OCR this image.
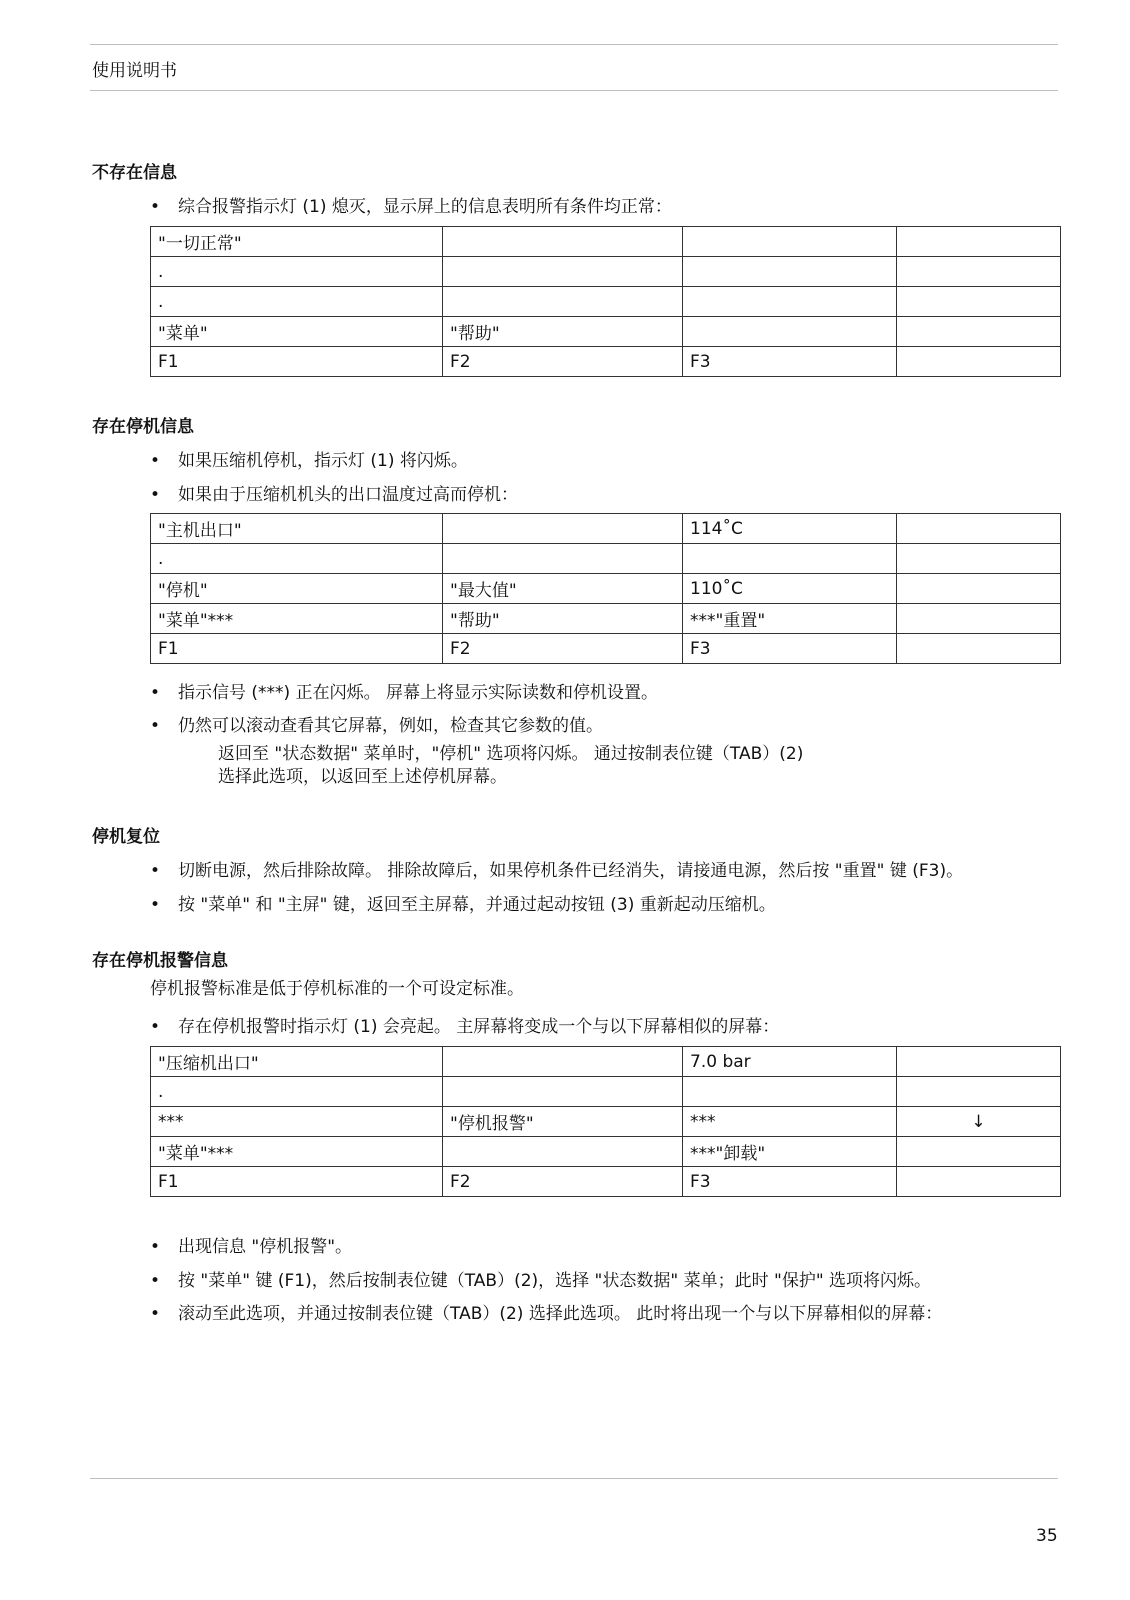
使用说明书
不存在信息
• 综合报警指示灯 (1) 熄灭，显示屏上的信息表明所有条件均正常：
"一切正常"			
.			
.			
"菜单"	"帮助"		
F1	F2	F3	
存在停机信息
• 如果压缩机停机，指示灯 (1) 将闪烁。
• 如果由于压缩机机头的出口温度过高而停机：
"主机出口"		114˚C	
.			
"停机"	"最大值"	110˚C	
"菜单"***	"帮助"	***"重置"	
F1	F2	F3	
• 指示信号 (***) 正在闪烁。 屏幕上将显示实际读数和停机设置。
• 仍然可以滚动查看其它屏幕，例如，检查其它参数的值。
返回至 "状态数据" 菜单时，"停机" 选项将闪烁。 通过按制表位键（TAB）(2)
选择此选项，以返回至上述停机屏幕。
停机复位
• 切断电源，然后排除故障。 排除故障后，如果停机条件已经消失，请接通电源，然后按 "重置" 键 (F3)。
• 按 "菜单" 和 "主屏" 键，返回至主屏幕，并通过起动按钮 (3) 重新起动压缩机。
存在停机报警信息
停机报警标准是低于停机标准的一个可设定标准。
• 存在停机报警时指示灯 (1) 会亮起。 主屏幕将变成一个与以下屏幕相似的屏幕：
"压缩机出口"		7.0 bar	
.			
***	"停机报警"	***	↓
"菜单"***		***"卸载"	
F1	F2	F3	
• 出现信息 "停机报警"。
• 按 "菜单" 键 (F1)，然后按制表位键（TAB）(2)，选择 "状态数据" 菜单；此时 "保护" 选项将闪烁。
• 滚动至此选项，并通过按制表位键（TAB）(2) 选择此选项。 此时将出现一个与以下屏幕相似的屏幕：
35
